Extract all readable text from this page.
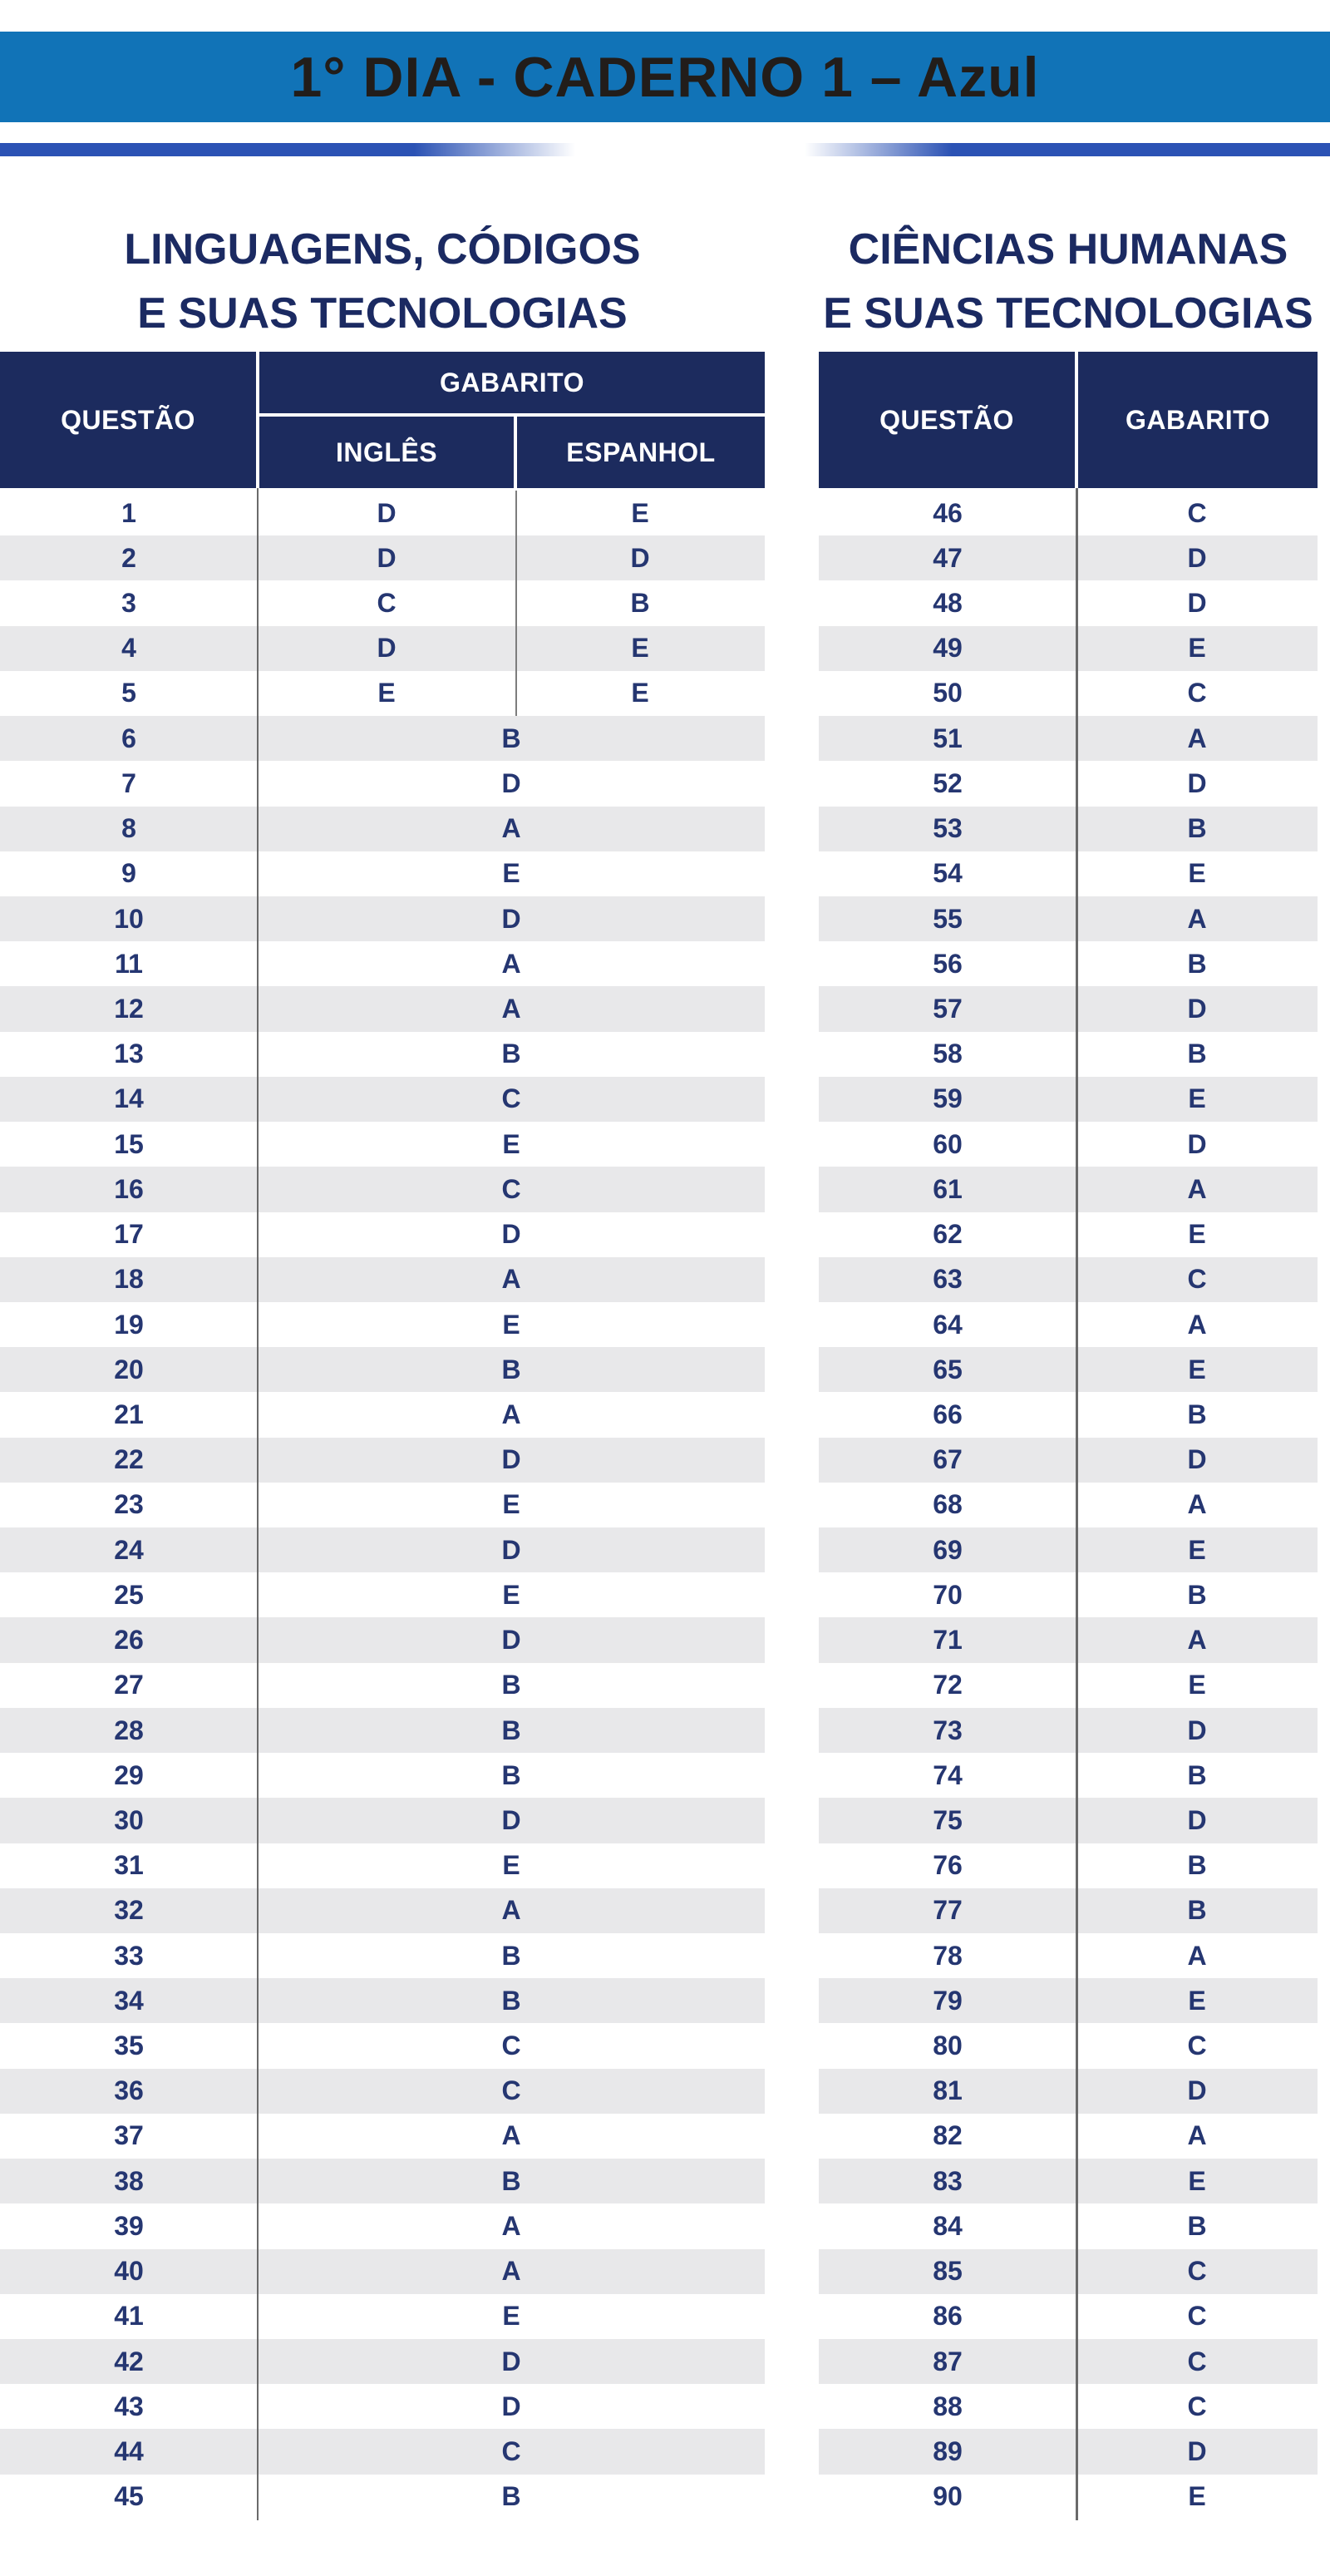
1° DIA - CADERNO 1 – Azul
LINGUAGENS, CÓDIGOS
E SUAS TECNOLOGIAS
CIÊNCIAS HUMANAS
E SUAS TECNOLOGIAS
QUESTÃO
GABARITO
INGLÊS	ESPANHOL
QUESTÃO	GABARITO
1	D	E
2	D	D
3	C	B
4	D	E
5	E	E
6	B
7	D
8	A
9	E
10	D
11	A
12	A
13	B
14	C
15	E
16	C
17	D
18	A
19	E
20	B
21	A
22	D
23	E
24	D
25	E
26	D
27	B
28	B
29	B
30	D
31	E
32	A
33	B
34	B
35	C
36	C
37	A
38	B
39	A
40	A
41	E
42	D
43	D
44	C
45	B
46	C
47	D
48	D
49	E
50	C
51	A
52	D
53	B
54	E
55	A
56	B
57	D
58	B
59	E
60	D
61	A
62	E
63	C
64	A
65	E
66	B
67	D
68	A
69	E
70	B
71	A
72	E
73	D
74	B
75	D
76	B
77	B
78	A
79	E
80	C
81	D
82	A
83	E
84	B
85	C
86	C
87	C
88	C
89	D
90	E
